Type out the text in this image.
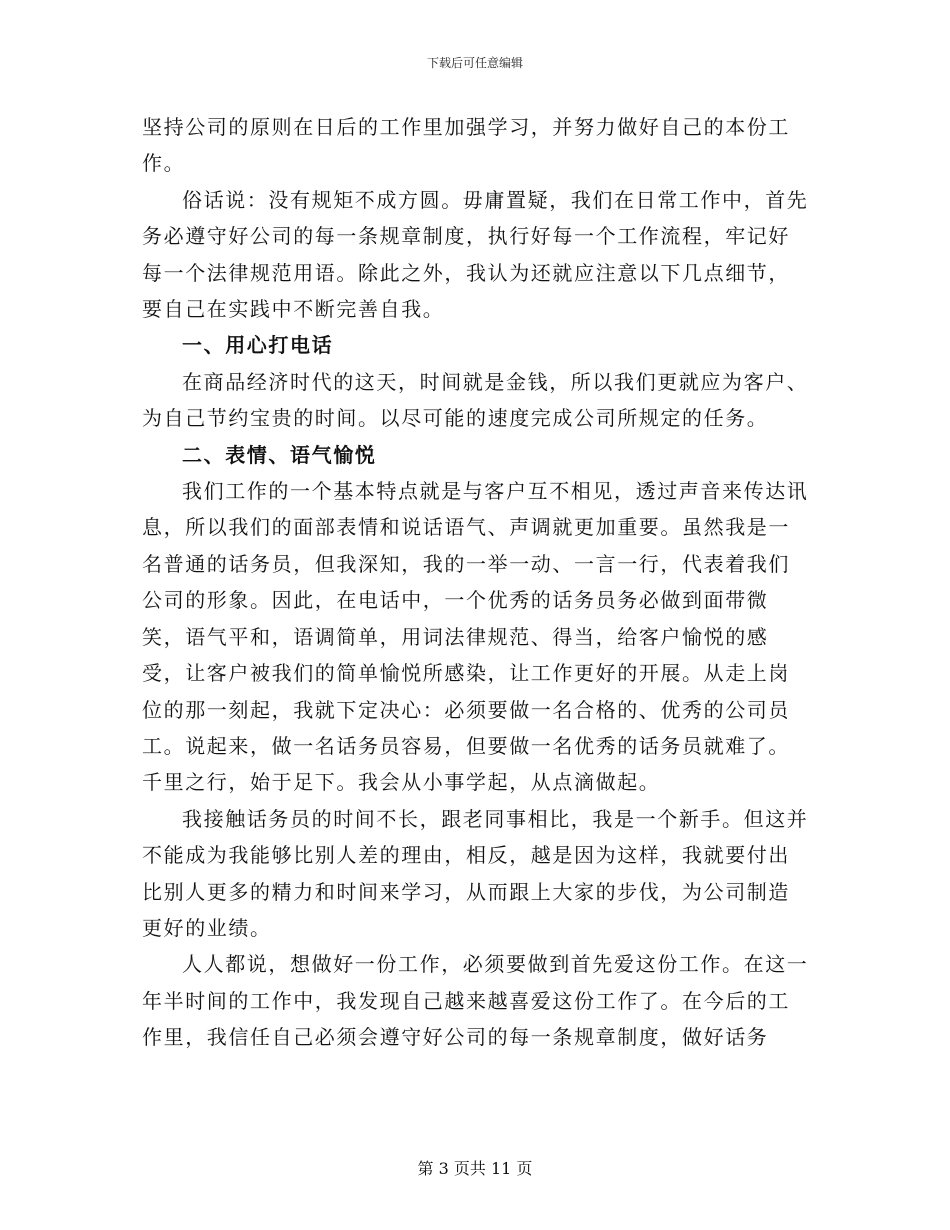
下载后可任意编辑

坚持公司的原则在日后的工作里加强学习，并努力做好自己的本份工作。

俗话说：没有规矩不成方圆。毋庸置疑，我们在日常工作中，首先务必遵守好公司的每一条规章制度，执行好每一个工作流程，牢记好每一个法律规范用语。除此之外，我认为还就应注意以下几点细节，要自己在实践中不断完善自我。

一、用心打电话

在商品经济时代的这天，时间就是金钱，所以我们更就应为客户、为自己节约宝贵的时间。以尽可能的速度完成公司所规定的任务。

二、表情、语气愉悦

我们工作的一个基本特点就是与客户互不相见，透过声音来传达讯息，所以我们的面部表情和说话语气、声调就更加重要。虽然我是一名普通的话务员，但我深知，我的一举一动、一言一行，代表着我们公司的形象。因此，在电话中，一个优秀的话务员务必做到面带微笑，语气平和，语调简单，用词法律规范、得当，给客户愉悦的感受，让客户被我们的简单愉悦所感染，让工作更好的开展。从走上岗位的那一刻起，我就下定决心：必须要做一名合格的、优秀的公司员工。说起来，做一名话务员容易，但要做一名优秀的话务员就难了。千里之行，始于足下。我会从小事学起，从点滴做起。

我接触话务员的时间不长，跟老同事相比，我是一个新手。但这并不能成为我能够比别人差的理由，相反，越是因为这样，我就要付出比别人更多的精力和时间来学习，从而跟上大家的步伐，为公司制造更好的业绩。

人人都说，想做好一份工作，必须要做到首先爱这份工作。在这一年半时间的工作中，我发现自己越来越喜爱这份工作了。在今后的工作里，我信任自己必须会遵守好公司的每一条规章制度，做好话务

第 3 页共 11 页
